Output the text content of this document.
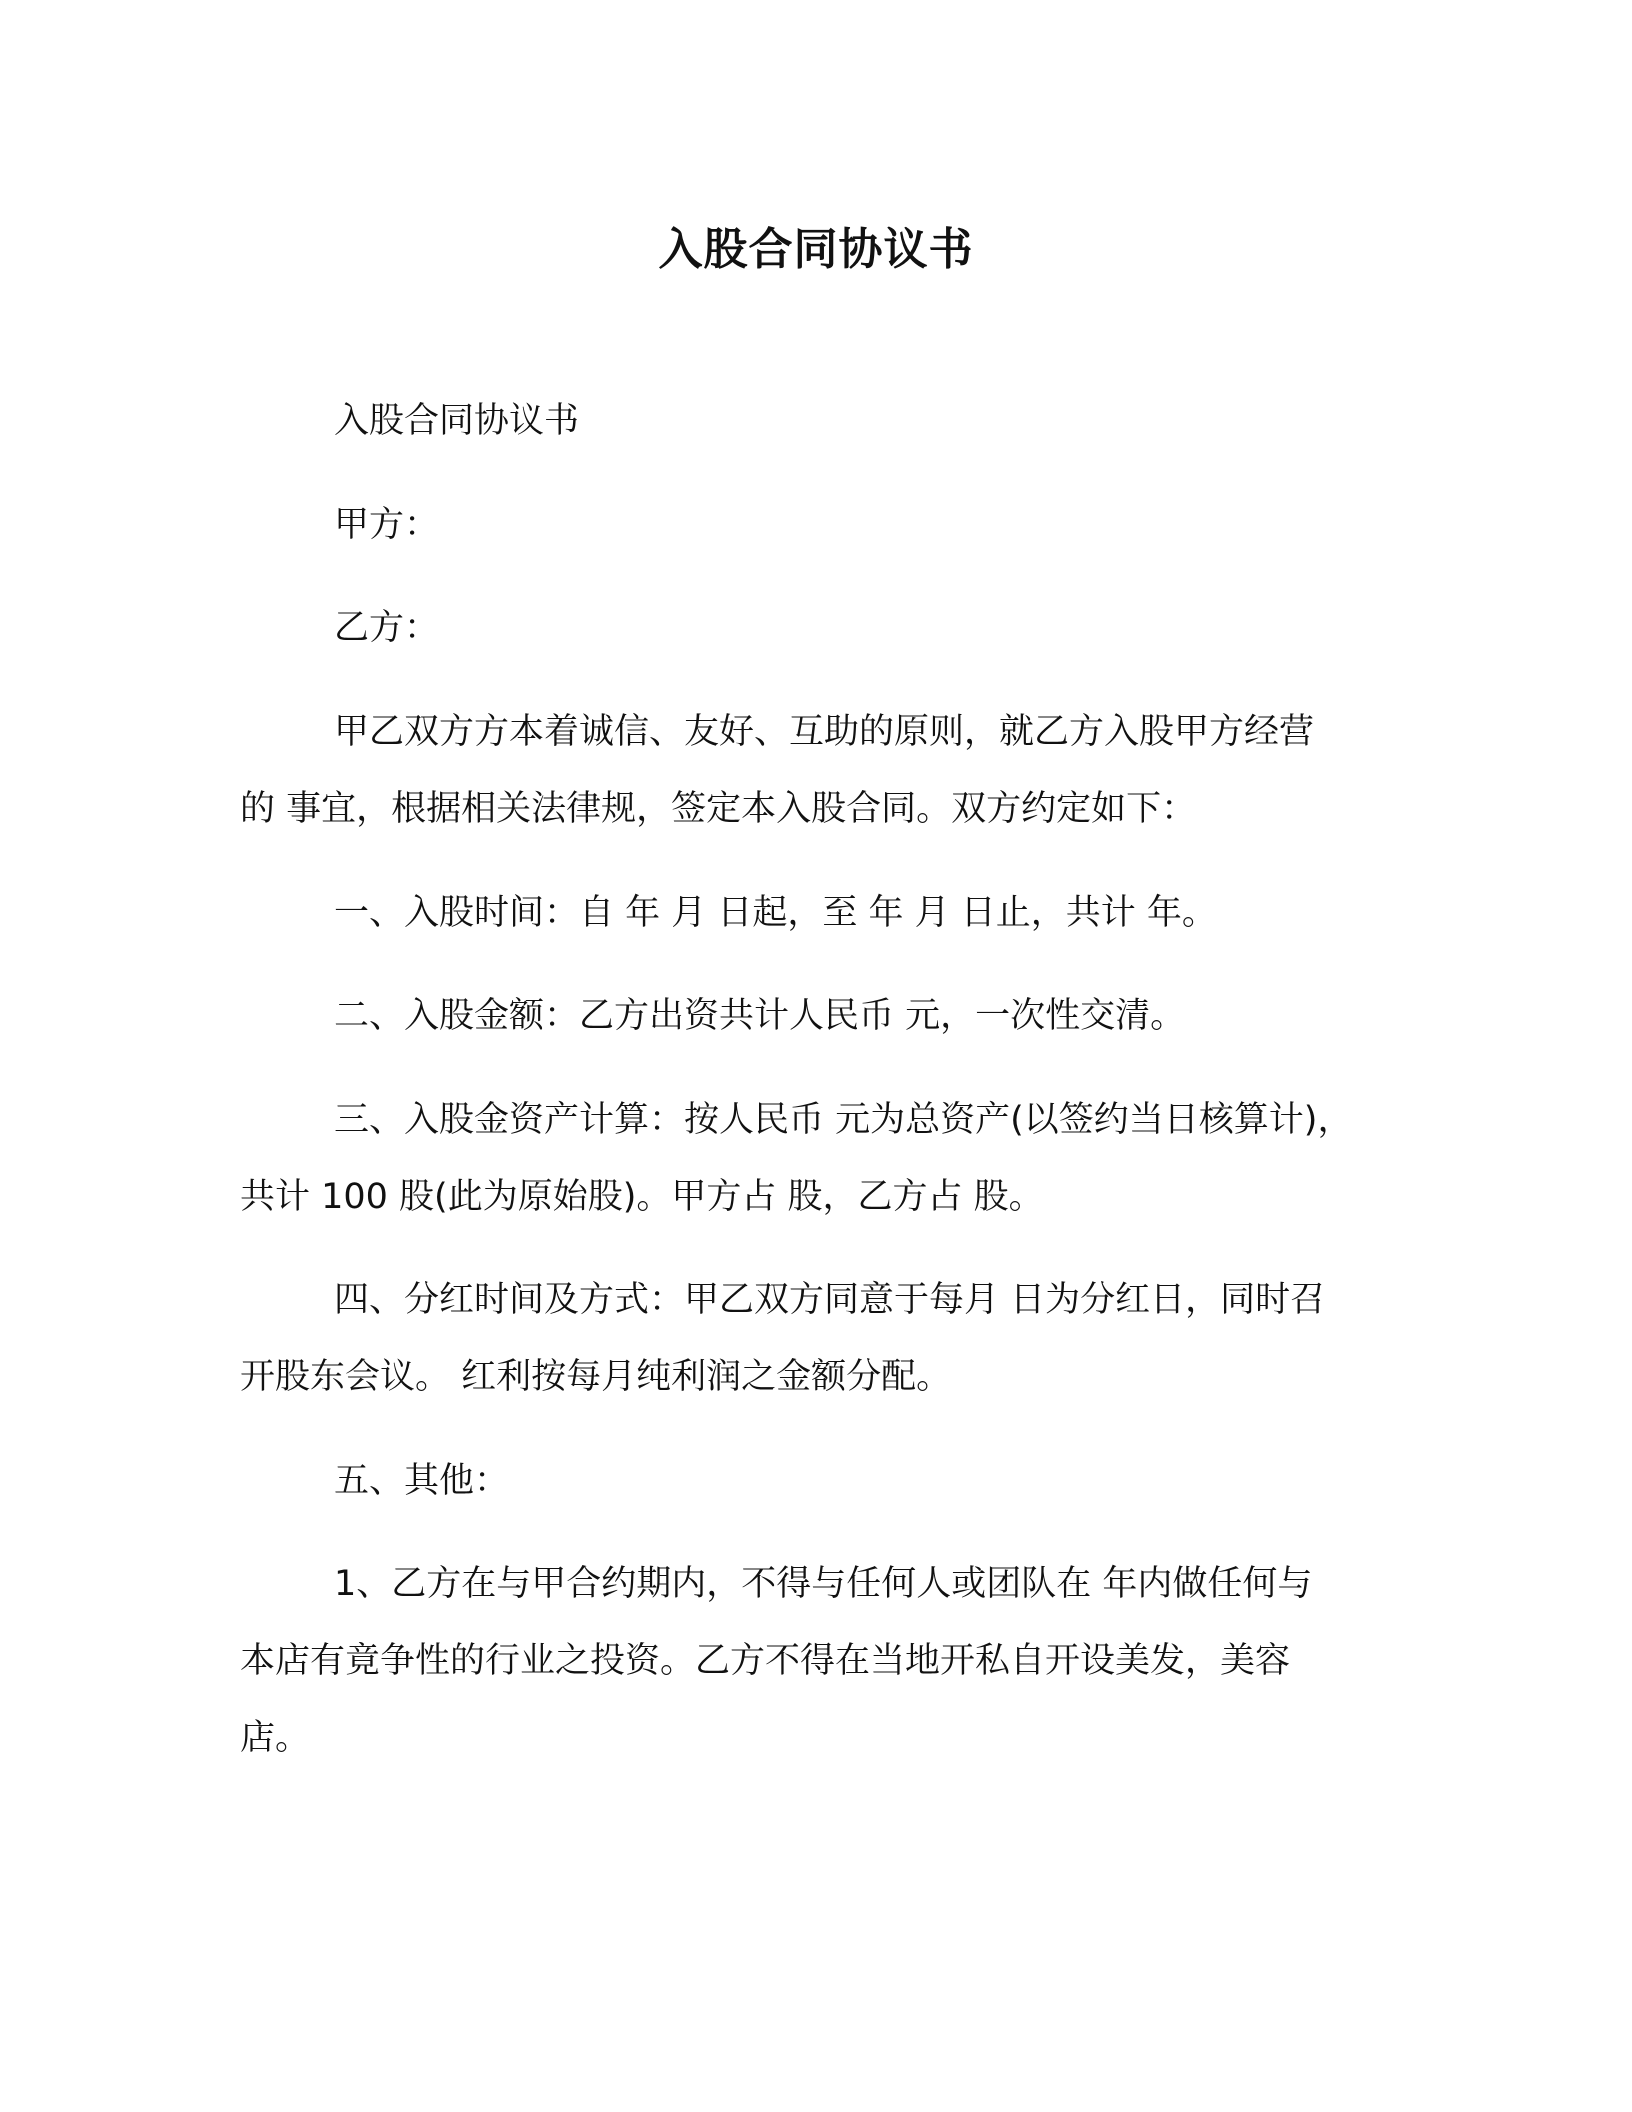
入股合同协议书

入股合同协议书

甲方：

乙方：

甲乙双方方本着诚信、友好、互助的原则，就乙方入股甲方经营

的 事宜，根据相关法律规，签定本入股合同。双方约定如下：

一、入股时间：自 年 月 日起，至 年 月 日止，共计 年。

二、入股金额：乙方出资共计人民币 元，一次性交清。

三、入股金资产计算：按人民币 元为总资产(以签约当日核算计)，

共计 100 股(此为原始股)。甲方占 股，乙方占 股。

四、分红时间及方式：甲乙双方同意于每月 日为分红日，同时召

开股东会议。 红利按每月纯利润之金额分配。

五、其他：

1、乙方在与甲合约期内，不得与任何人或团队在 年内做任何与

本店有竟争性的行业之投资。乙方不得在当地开私自开设美发，美容

店。
